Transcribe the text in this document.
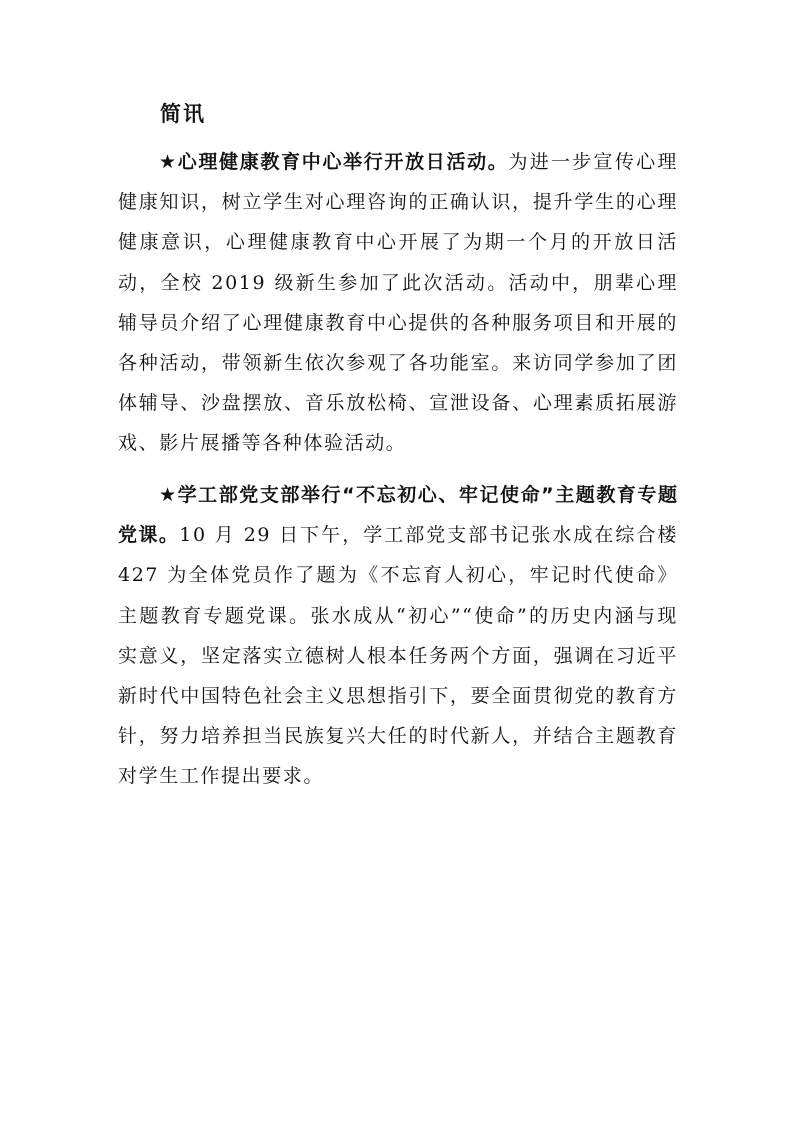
简讯

★心理健康教育中心举行开放日活动。为进一步宣传心理健康知识，树立学生对心理咨询的正确认识，提升学生的心理健康意识，心理健康教育中心开展了为期一个月的开放日活动，全校 2019 级新生参加了此次活动。活动中，朋辈心理辅导员介绍了心理健康教育中心提供的各种服务项目和开展的各种活动，带领新生依次参观了各功能室。来访同学参加了团体辅导、沙盘摆放、音乐放松椅、宣泄设备、心理素质拓展游戏、影片展播等各种体验活动。

★学工部党支部举行“不忘初心、牢记使命”主题教育专题党课。10 月 29 日下午，学工部党支部书记张水成在综合楼 427 为全体党员作了题为《不忘育人初心，牢记时代使命》主题教育专题党课。张水成从“初心”“使命”的历史内涵与现实意义，坚定落实立德树人根本任务两个方面，强调在习近平新时代中国特色社会主义思想指引下，要全面贯彻党的教育方针，努力培养担当民族复兴大任的时代新人，并结合主题教育对学生工作提出要求。
